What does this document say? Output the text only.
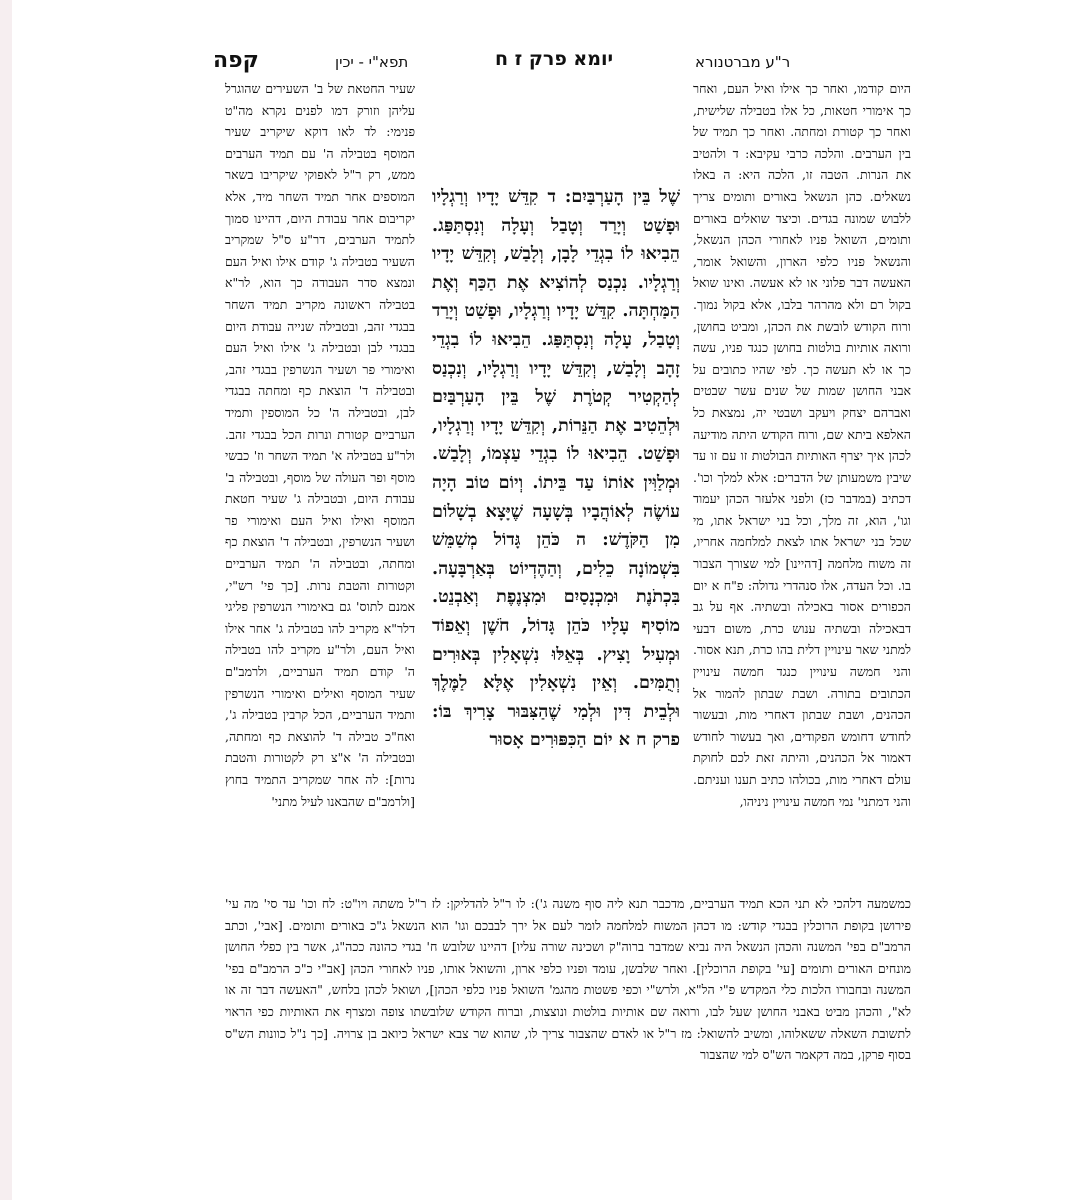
קפה	תפא"י - יכין	יומא פרק ז ח	ר"ע מברטנורא

היום קודמו, ואחר כך אילו ואיל העם, ואחר כך אימורי חטאות, כל אלו בטבילה שלישית, ואחר כך קטורת ומחתה. ואחר כך תמיד של בין הערבים. והלכה כרבי עקיבא: ד ולהטיב את הנרות. הטבה זו, הלכה היא: ה באלו נשאלים. כהן הנשאל באורים ותומים צריך ללבוש שמונה בגדים. וכיצד שואלים באורים ותומים, השואל פניו לאחורי הכהן הנשאל, והנשאל פניו כלפי הארון, והשואל אומר, האעשה דבר פלוני או לא אעשה. ואינו שואל בקול רם ולא מהרהר בלבו, אלא בקול נמוך. ורוח הקודש לובשת את הכהן, ומביט בחושן, ורואה אותיות בולטות בחושן כנגד פניו, עשה כך או לא תעשה כך. לפי שהיו כתובים על אבני החושן שמות של שנים עשר שבטים ואברהם יצחק ויעקב ושבטי יה, נמצאת כל האלפא ביתא שם, ורוח הקודש היתה מודיעה לכהן איך יצרף האותיות הבולטות זו עם זו עד שיבין משמעותן של הדברים: אלא למלך וכו'. דכתיב (במדבר כז) ולפני אלעזר הכהן יעמוד וגו', הוא, זה מלך, וכל בני ישראל אתו, מי שכל בני ישראל אתו לצאת למלחמה אחריו, זה משוח מלחמה [דהיינו] למי שצורך הצבור בו. וכל העדה, אלו סנהדרי גדולה: פ"ח א יום הכפורים אסור באכילה ובשתיה. אף על גב דבאכילה ובשתיה ענוש כרת, משום דבעי למתני שאר עינויין דלית בהו כרת, תנא אסור. והני חמשה עינויין כנגד חמשה עינויין הכתובים בתורה. ושבת שבתון להמור אל הכהנים, ושבת שבתון דאחרי מות, ובעשור לחודש דחומש הפקודים, ואך בעשור לחודש דאמור אל הכהנים, והיתה זאת לכם לחוקת עולם דאחרי מות, בכולהו כתיב תענו ועניתם. והני דמתני' נמי חמשה עינויין ניניהו,

שֶׁל בֵּין הָעַרְבַּיִם: ד קִדֵּשׁ יָדָיו וְרַגְלָיו וּפָשַׁט וְיָרַד וְטָבַל וְעָלָה וְנִסְתַּפַּג. הֵבִיאוּ לוֹ בִגְדֵי לָבָן, וְלָבַשׁ, וְקִדֵּשׁ יָדָיו וְרַגְלָיו. נִכְנַס לְהוֹצִיא אֶת הַכַּף וְאֶת הַמַּחְתָּה. קִדֵּשׁ יָדָיו וְרַגְלָיו, וּפָשַׁט וְיָרַד וְטָבַל, עָלָה וְנִסְתַּפַּג. הֵבִיאוּ לוֹ בִגְדֵי זָהָב וְלָבַשׁ, וְקִדֵּשׁ יָדָיו וְרַגְלָיו, וְנִכְנַס לְהַקְטִיר קְטֹרֶת שֶׁל בֵּין הָעַרְבַּיִם וּלְהֵטִיב אֶת הַנֵּרוֹת, וְקִדֵּשׁ יָדָיו וְרַגְלָיו, וּפָשַׁט. הֵבִיאוּ לוֹ בִגְדֵי עַצְמוֹ, וְלָבַשׁ. וּמְלַוִּין אוֹתוֹ עַד בֵּיתוֹ. וְיוֹם טוֹב הָיָה עוֹשֶׂה לְאוֹהֲבָיו בְּשָׁעָה שֶׁיָּצָא בְשָׁלוֹם מִן הַקֹּדֶשׁ: ה כֹּהֵן גָּדוֹל מְשַׁמֵּשׁ בִּשְׁמוֹנָה כֵלִים, וְהַהֶדְיוֹט בְּאַרְבָּעָה. בִּכְתֹנֶת וּמִכְנָסַיִם וּמִצְנֶפֶת וְאַבְנֵט. מוֹסִיף עָלָיו כֹּהֵן גָּדוֹל, חֹשֶׁן וְאֵפוֹד וּמְעִיל וָצִיץ. בְּאֵלּוּ נִשְׁאָלִין בְּאוּרִים וְתֻמִּים. וְאֵין נִשְׁאָלִין אֶלָּא לַמֶּלֶךְ וּלְבֵית דִּין וּלְמִי שֶׁהַצִּבּוּר צָרִיךְ בּוֹ: פרק ח א יוֹם הַכִּפּוּרִים אָסוּר

שעיר החטאת של ב' השעירים שהוגרל עליהן וזורק דמו לפנים נקרא מה"ט פנימי: לד לאו דוקא שיקריב שעיר המוסף בטבילה ה' עם תמיד הערבים ממש, רק ר"ל לאפוקי שיקריבו בשאר המוספים אחר תמיד השחר מיד, אלא יקריבום אחר עבודת היום, דהיינו סמוך לתמיד הערבים, דר"ע ס"ל שמקריב השעיר בטבילה ג' קודם אילו ואיל העם ונמצא סדר העבודה כך הוא, לר"א בטבילה ראשונה מקריב תמיד השחר בבגדי זהב, ובטבילה שנייה עבודת היום בבגדי לבן ובטבילה ג' אילו ואיל העם ואימורי פר ושעיר הנשרפין בבגדי זהב, ובטבילה ד' הוצאת כף ומחתה בבגדי לבן, ובטבילה ה' כל המוספין ותמיד הערביים קטורת ונרות הכל בבגדי זהב. ולר"ע בטבילה א' תמיד השחר וז' כבשי מוסף ופר העולה של מוסף, ובטבילה ב' עבודת היום, ובטבילה ג' שעיר חטאת המוסף ואילו ואיל העם ואימורי פר ושעיר הנשרפין, ובטבילה ד' הוצאת כף ומחתה, ובטבילה ה' תמיד הערביים וקטורות והטבת נרות. [כך פי' רש"י, אמנם לתוס' גם באימורי הנשרפין פליגי דלר"א מקריב להו בטבילה ג' אחר אילו ואיל העם, ולר"ע מקריב להו בטבילה ה' קודם תמיד הערביים, ולרמב"ם שעיר המוסף ואילים ואימורי הנשרפין ותמיד הערביים, הכל קרבין בטבילה ג', ואח"כ טבילה ד' להוצאת כף ומחתה, ובטבילה ה' א"צ רק לקטורות והטבת נרות]: לה אחר שמקריב התמיד בחוץ [ולרמב"ם שהבאנו לעיל מתני'

כמשמעה דלהכי לא תני הכא תמיד הערביים, מדכבר תנא ליה סוף משנה ג'): לו ר"ל להדליקן: לז ר"ל משתה ויו"ט: לח וכו' עד סי' מה עי' פירושן בקופת הרוכלין בבגדי קודש: מו דכהן המשוח למלחמה לומר לעם אל ירך לבבכם וגו' הוא הנשאל ג"כ באורים ותומים. [אבי', וכתב הרמב"ם בפי' המשנה והכהן הנשאל היה נביא שמדבר ברוה"ק ושכינה שורה עליו] דהיינו שלובש ח' בגדי כהונה ככה"ג, אשר בין כפלי החושן מונחים האורים ותומים [עי' בקופת הרוכלין]. ואחר שלבשן, עומד ופניו כלפי ארון, והשואל אותו, פניו לאחורי הכהן [אב"י כ"כ הרמב"ם בפי' המשנה ובחבורו הלכות כלי המקדש פ"י הל"א, ולרש"י וכפי פשטות מהגמ' השואל פניו כלפי הכהן], ושואל לכהן בלחש, "האעשה דבר זה או לא", והכהן מביט באבני החושן שעל לבו, ורואה שם אותיות בולטות ונוצצות, וברוח הקודש שלובשתו צופה ומצרף את האותיות כפי הראוי לתשובת השאלה ששאלוהו, ומשיב להשואל: מז ר"ל או לאדם שהצבור צריך לו, שהוא שר צבא ישראל כיואב בן צרויה. [כך נ"ל כוונות הש"ס בסוף פרקן, במה דקאמר הש"ס למי שהצבור
